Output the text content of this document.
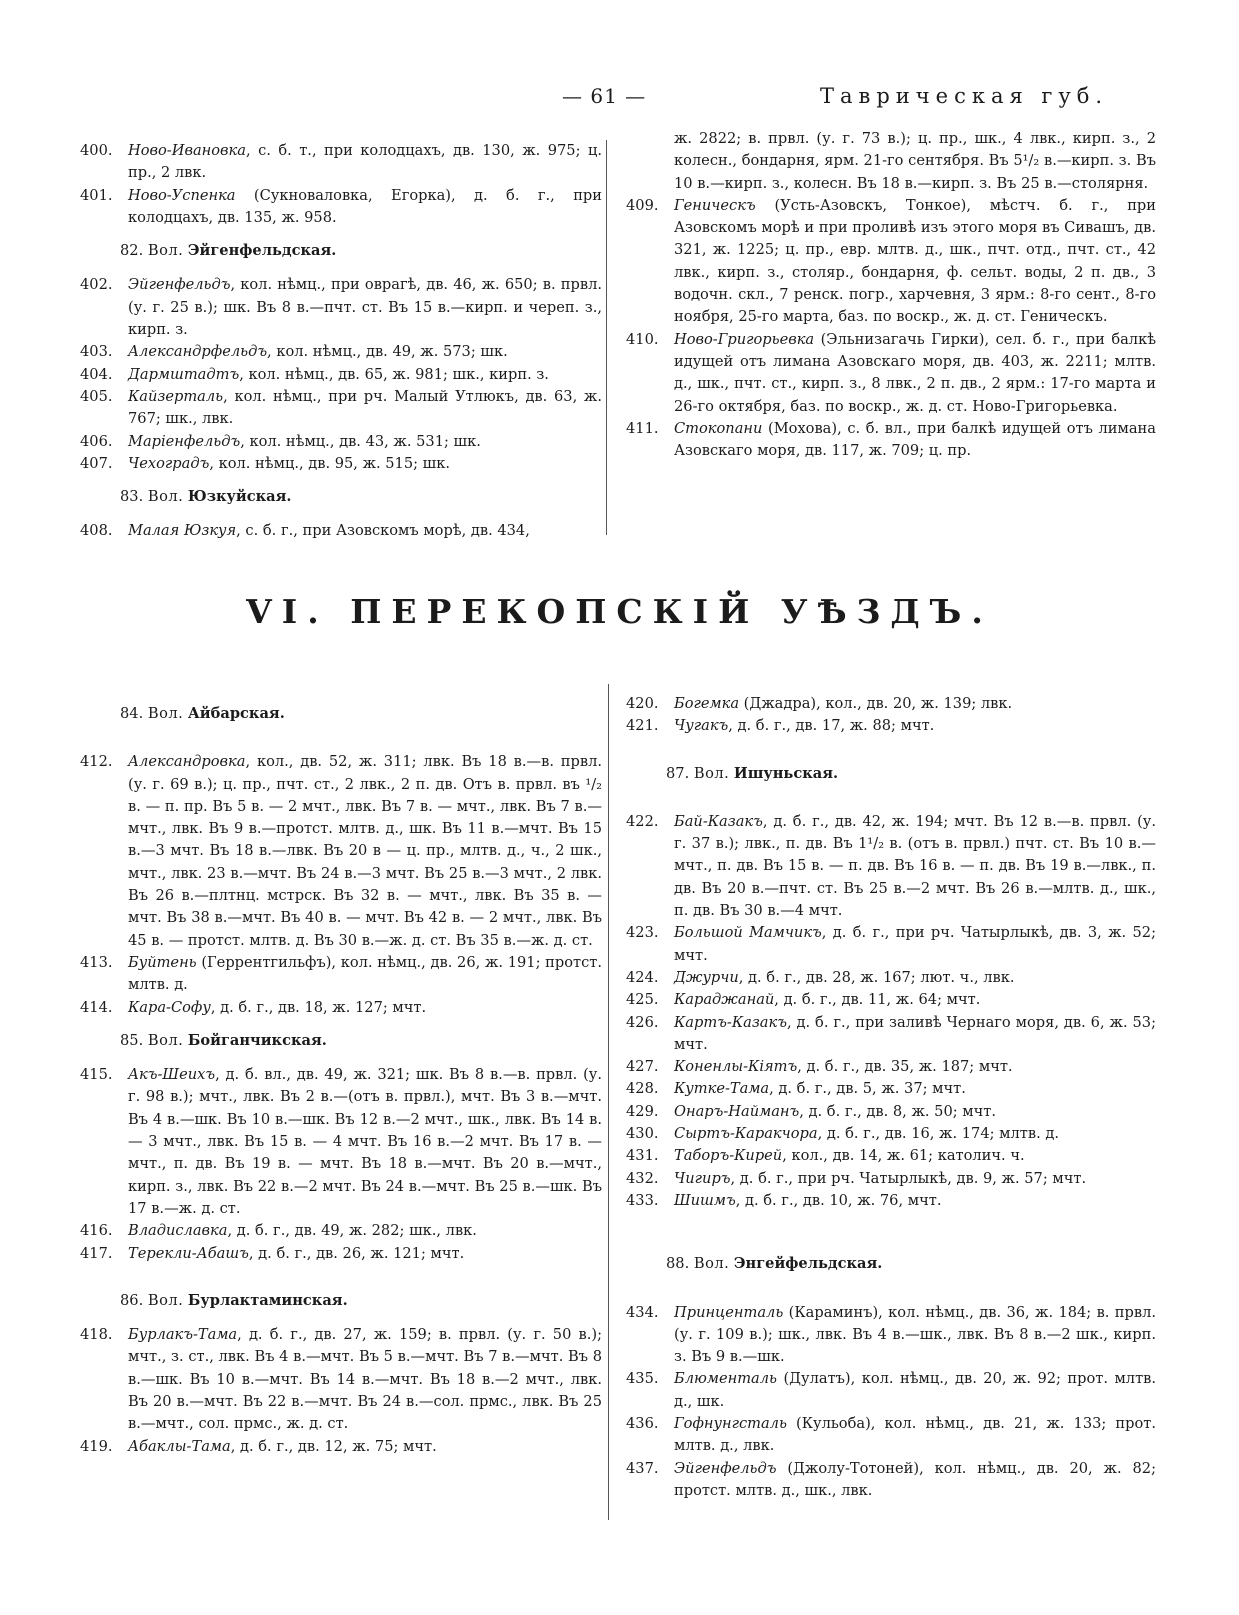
— 61 —	Таврическая губ.
400.	Ново-Ивановка, с. б. т., при колодцахъ, дв. 130, ж. 975; ц. пр., 2 лвк.
401.	Ново-Успенка (Сукноваловка, Егорка), д. б. г., при колодцахъ, дв. 135, ж. 958.
82. Вол. Эйгенфельдская.
402.	Эйгенфельдъ, кол. нѣмц., при оврагѣ, дв. 46, ж. 650; в. првл. (у. г. 25 в.); шк. Въ 8 в.—пчт. ст. Въ 15 в.—кирп. и череп. з., кирп. з.
403.	Александрфельдъ, кол. нѣмц., дв. 49, ж. 573; шк.
404.	Дармштадтъ, кол. нѣмц., дв. 65, ж. 981; шк., кирп. з.
405.	Кайзерталь, кол. нѣмц., при рч. Малый Утлюкъ, дв. 63, ж. 767; шк., лвк.
406.	Маріенфельдъ, кол. нѣмц., дв. 43, ж. 531; шк.
407.	Чехоградъ, кол. нѣмц., дв. 95, ж. 515; шк.
83. Вол. Юзкуйская.
408.	Малая Юзкуя, с. б. г., при Азовскомъ морѣ, дв. 434,
ж. 2822; в. првл. (у. г. 73 в.); ц. пр., шк., 4 лвк., кирп. з., 2 колесн., бондарня, ярм. 21-го сентября. Въ 5¹/₂ в.—кирп. з. Въ 10 в.—кирп. з., колесн. Въ 18 в.—кирп. з. Въ 25 в.—столярня.
409.	Геническъ (Усть-Азовскъ, Тонкое), мѣстч. б. г., при Азовскомъ морѣ и при проливѣ изъ этого моря въ Сивашъ, дв. 321, ж. 1225; ц. пр., евр. млтв. д., шк., пчт. отд., пчт. ст., 42 лвк., кирп. з., столяр., бондарня, ф. сельт. воды, 2 п. дв., 3 водочн. скл., 7 ренск. погр., харчевня, 3 ярм.: 8-го сент., 8-го ноября, 25-го марта, баз. по воскр., ж. д. ст. Геническъ.
410.	Ново-Григорьевка (Эльнизагачь Гирки), сел. б. г., при балкѣ идущей отъ лимана Азовскаго моря, дв. 403, ж. 2211; млтв. д., шк., пчт. ст., кирп. з., 8 лвк., 2 п. дв., 2 ярм.: 17-го марта и 26-го октября, баз. по воскр., ж. д. ст. Ново-Григорьевка.
411.	Стокопани (Мохова), с. б. вл., при балкѣ идущей отъ лимана Азовскаго моря, дв. 117, ж. 709; ц. пр.
VI. ПЕРЕКОПСКІЙ УѢЗДЪ.
84. Вол. Айбарская.
412.	Александровка, кол., дв. 52, ж. 311; лвк. Въ 18 в.—в. првл. (у. г. 69 в.); ц. пр., пчт. ст., 2 лвк., 2 п. дв. Отъ в. првл. въ ¹/₂ в. — п. пр. Въ 5 в. — 2 мчт., лвк. Въ 7 в. — мчт., лвк. Въ 7 в.—мчт., лвк. Въ 9 в.—протст. млтв. д., шк. Въ 11 в.—мчт. Въ 15 в.—3 мчт. Въ 18 в.—лвк. Въ 20 в — ц. пр., млтв. д., ч., 2 шк., мчт., лвк. 23 в.—мчт. Въ 24 в.—3 мчт. Въ 25 в.—3 мчт., 2 лвк. Въ 26 в.—плтнц. мстрск. Въ 32 в. — мчт., лвк. Въ 35 в. — мчт. Въ 38 в.—мчт. Въ 40 в. — мчт. Въ 42 в. — 2 мчт., лвк. Въ 45 в. — протст. млтв. д. Въ 30 в.—ж. д. ст. Въ 35 в.—ж. д. ст.
413.	Буйтень (Геррентгильфъ), кол. нѣмц., дв. 26, ж. 191; протст. млтв. д.
414.	Кара-Софу, д. б. г., дв. 18, ж. 127; мчт.
85. Вол. Бойганчикская.
415.	Акъ-Шеихъ, д. б. вл., дв. 49, ж. 321; шк. Въ 8 в.—в. првл. (у. г. 98 в.); мчт., лвк. Въ 2 в.—(отъ в. првл.), мчт. Въ 3 в.—мчт. Въ 4 в.—шк. Въ 10 в.—шк. Въ 12 в.—2 мчт., шк., лвк. Въ 14 в. — 3 мчт., лвк. Въ 15 в. — 4 мчт. Въ 16 в.—2 мчт. Въ 17 в. — мчт., п. дв. Въ 19 в. — мчт. Въ 18 в.—мчт. Въ 20 в.—мчт., кирп. з., лвк. Въ 22 в.—2 мчт. Въ 24 в.—мчт. Въ 25 в.—шк. Въ 17 в.—ж. д. ст.
416.	Владиславка, д. б. г., дв. 49, ж. 282; шк., лвк.
417.	Терекли-Абашъ, д. б. г., дв. 26, ж. 121; мчт.
86. Вол. Бурлактаминская.
418.	Бурлакъ-Тама, д. б. г., дв. 27, ж. 159; в. првл. (у. г. 50 в.); мчт., з. ст., лвк. Въ 4 в.—мчт. Въ 5 в.—мчт. Въ 7 в.—мчт. Въ 8 в.—шк. Въ 10 в.—мчт. Въ 14 в.—мчт. Въ 18 в.—2 мчт., лвк. Въ 20 в.—мчт. Въ 22 в.—мчт. Въ 24 в.—сол. прмс., лвк. Въ 25 в.—мчт., сол. прмс., ж. д. ст.
419.	Абаклы-Тама, д. б. г., дв. 12, ж. 75; мчт.
420.	Богемка (Джадра), кол., дв. 20, ж. 139; лвк.
421.	Чугакъ, д. б. г., дв. 17, ж. 88; мчт.
87. Вол. Ишуньская.
422.	Бай-Казакъ, д. б. г., дв. 42, ж. 194; мчт. Въ 12 в.—в. првл. (у. г. 37 в.); лвк., п. дв. Въ 1¹/₂ в. (отъ в. првл.) пчт. ст. Въ 10 в.—мчт., п. дв. Въ 15 в. — п. дв. Въ 16 в. — п. дв. Въ 19 в.—лвк., п. дв. Въ 20 в.—пчт. ст. Въ 25 в.—2 мчт. Въ 26 в.—млтв. д., шк., п. дв. Въ 30 в.—4 мчт.
423.	Большой Мамчикъ, д. б. г., при рч. Чатырлыкѣ, дв. 3, ж. 52; мчт.
424.	Джурчи, д. б. г., дв. 28, ж. 167; лют. ч., лвк.
425.	Караджанай, д. б. г., дв. 11, ж. 64; мчт.
426.	Картъ-Казакъ, д. б. г., при заливѣ Чернаго моря, дв. 6, ж. 53; мчт.
427.	Коненлы-Кіятъ, д. б. г., дв. 35, ж. 187; мчт.
428.	Кутке-Тама, д. б. г., дв. 5, ж. 37; мчт.
429.	Онаръ-Найманъ, д. б. г., дв. 8, ж. 50; мчт.
430.	Сыртъ-Каракчора, д. б. г., дв. 16, ж. 174; млтв. д.
431.	Таборъ-Кирей, кол., дв. 14, ж. 61; католич. ч.
432.	Чигиръ, д. б. г., при рч. Чатырлыкѣ, дв. 9, ж. 57; мчт.
433.	Шишмъ, д. б. г., дв. 10, ж. 76, мчт.
88. Вол. Энгейфельдская.
434.	Принценталь (Караминъ), кол. нѣмц., дв. 36, ж. 184; в. првл. (у. г. 109 в.); шк., лвк. Въ 4 в.—шк., лвк. Въ 8 в.—2 шк., кирп. з. Въ 9 в.—шк.
435.	Блюменталь (Дулатъ), кол. нѣмц., дв. 20, ж. 92; прот. млтв. д., шк.
436.	Гофнунгсталь (Кульоба), кол. нѣмц., дв. 21, ж. 133; прот. млтв. д., лвк.
437.	Эйгенфельдъ (Джолу-Тотоней), кол. нѣмц., дв. 20, ж. 82; протст. млтв. д., шк., лвк.
